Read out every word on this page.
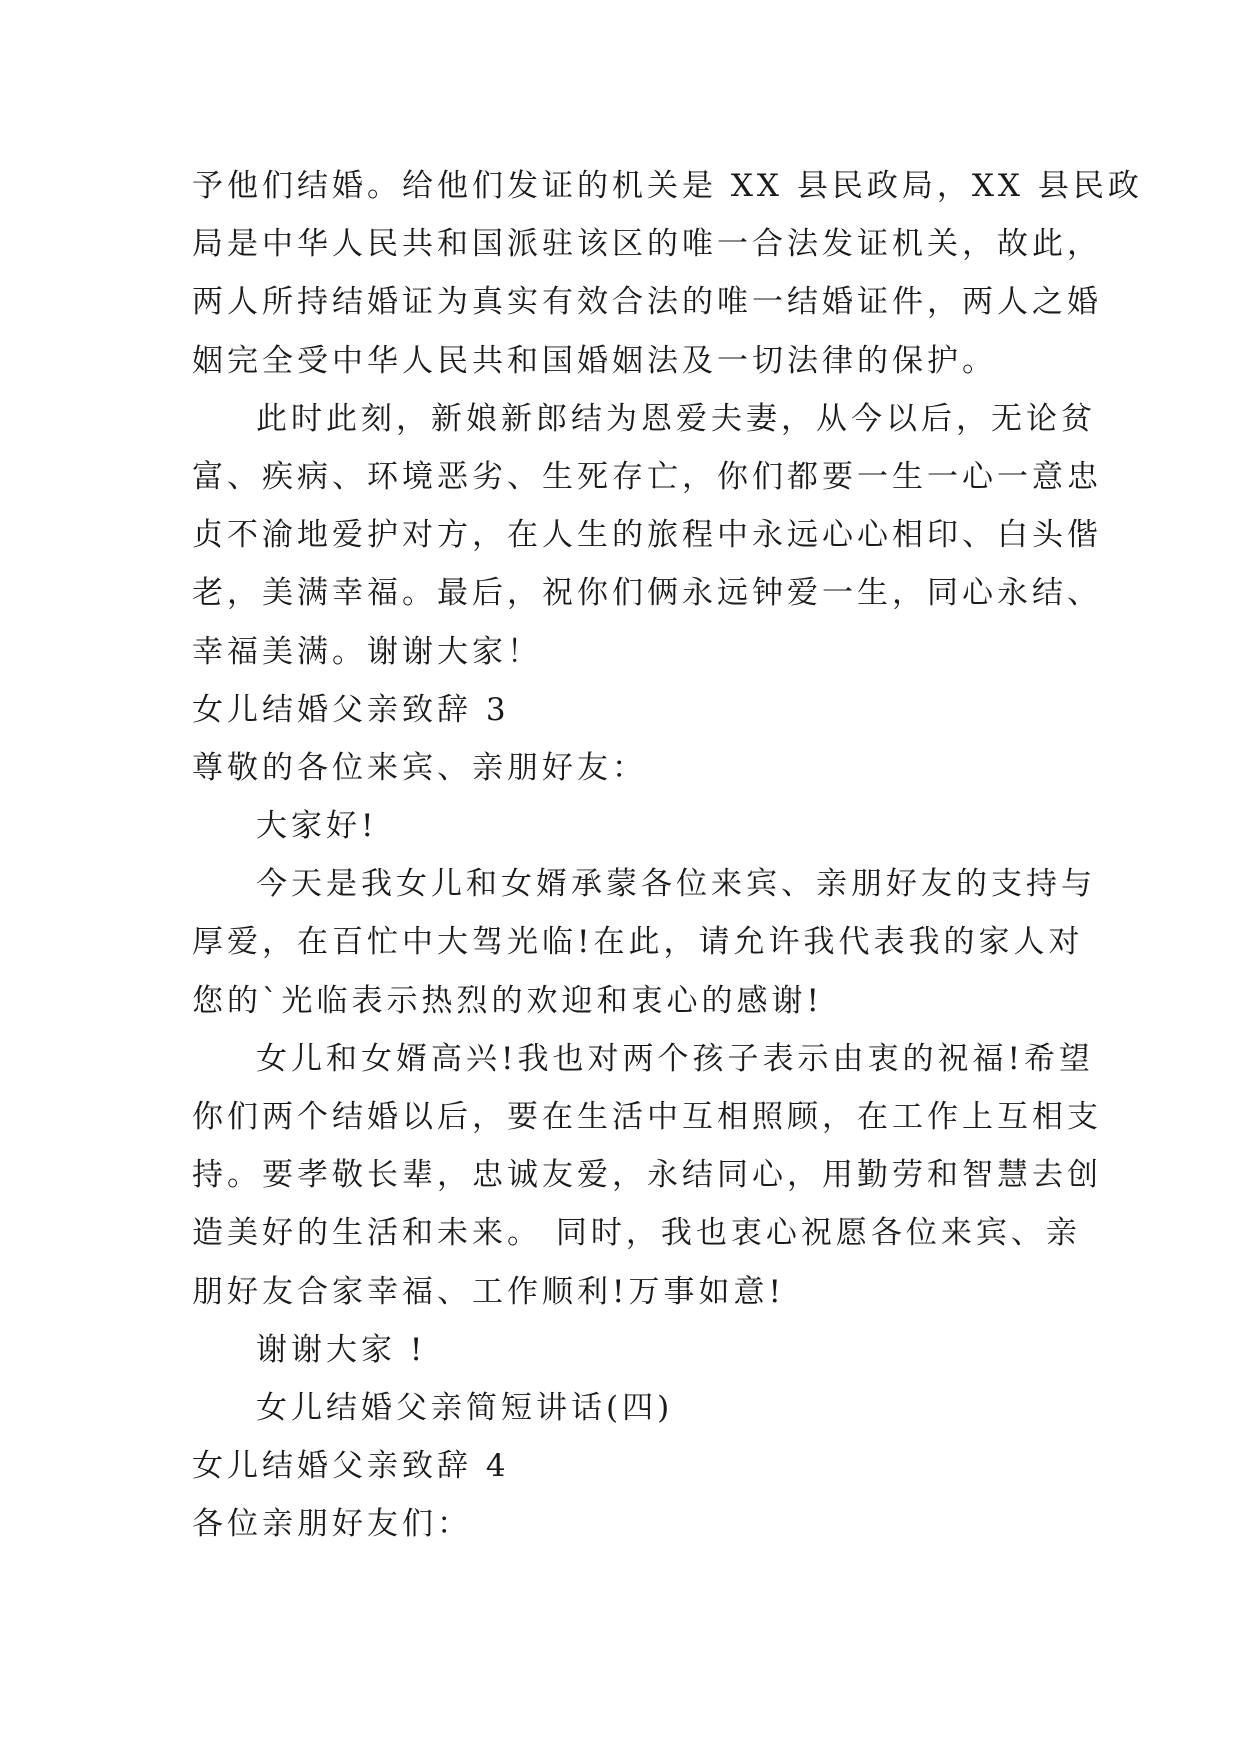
予他们结婚。给他们发证的机关是 XX 县民政局，XX 县民政
局是中华人民共和国派驻该区的唯一合法发证机关，故此，
两人所持结婚证为真实有效合法的唯一结婚证件，两人之婚
姻完全受中华人民共和国婚姻法及一切法律的保护。
此时此刻，新娘新郎结为恩爱夫妻，从今以后，无论贫
富、疾病、环境恶劣、生死存亡，你们都要一生一心一意忠
贞不渝地爱护对方，在人生的旅程中永远心心相印、白头偕
老，美满幸福。最后，祝你们俩永远钟爱一生，同心永结、
幸福美满。谢谢大家！
女儿结婚父亲致辞 3
尊敬的各位来宾、亲朋好友：
大家好!
今天是我女儿和女婿承蒙各位来宾、亲朋好友的支持与
厚爱，在百忙中大驾光临!在此，请允许我代表我的家人对
您的`光临表示热烈的欢迎和衷心的感谢!
女儿和女婿高兴!我也对两个孩子表示由衷的祝福!希望
你们两个结婚以后，要在生活中互相照顾，在工作上互相支
持。要孝敬长辈，忠诚友爱，永结同心，用勤劳和智慧去创
造美好的生活和未来。 同时，我也衷心祝愿各位来宾、亲
朋好友合家幸福、工作顺利!万事如意!
谢谢大家 !
女儿结婚父亲简短讲话(四)
女儿结婚父亲致辞 4
各位亲朋好友们：
